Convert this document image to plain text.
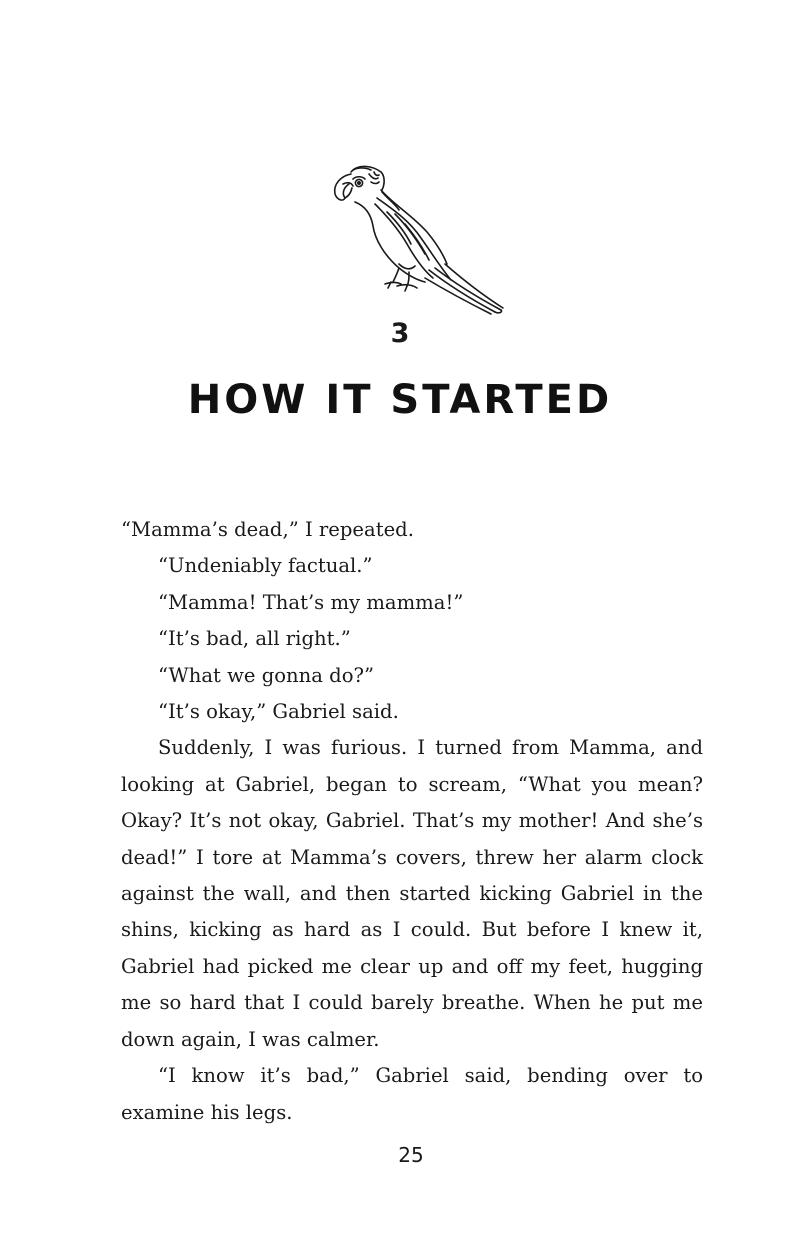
3
HOW IT STARTED

“Mamma’s dead,” I repeated.

“Undeniably factual.”

“Mamma! That’s my mamma!”

“It’s bad, all right.”

“What we gonna do?”

“It’s okay,” Gabriel said.

Suddenly, I was furious. I turned from Mamma, and looking at Gabriel, began to scream, “What you mean? Okay? It’s not okay, Gabriel. That’s my mother! And she’s dead!” I tore at Mamma’s covers, threw her alarm clock against the wall, and then started kicking Gabriel in the shins, kicking as hard as I could. But before I knew it, Gabriel had picked me clear up and off my feet, hugging me so hard that I could barely breathe. When he put me down again, I was calmer.

“I know it’s bad,” Gabriel said, bending over to examine his legs.

25
